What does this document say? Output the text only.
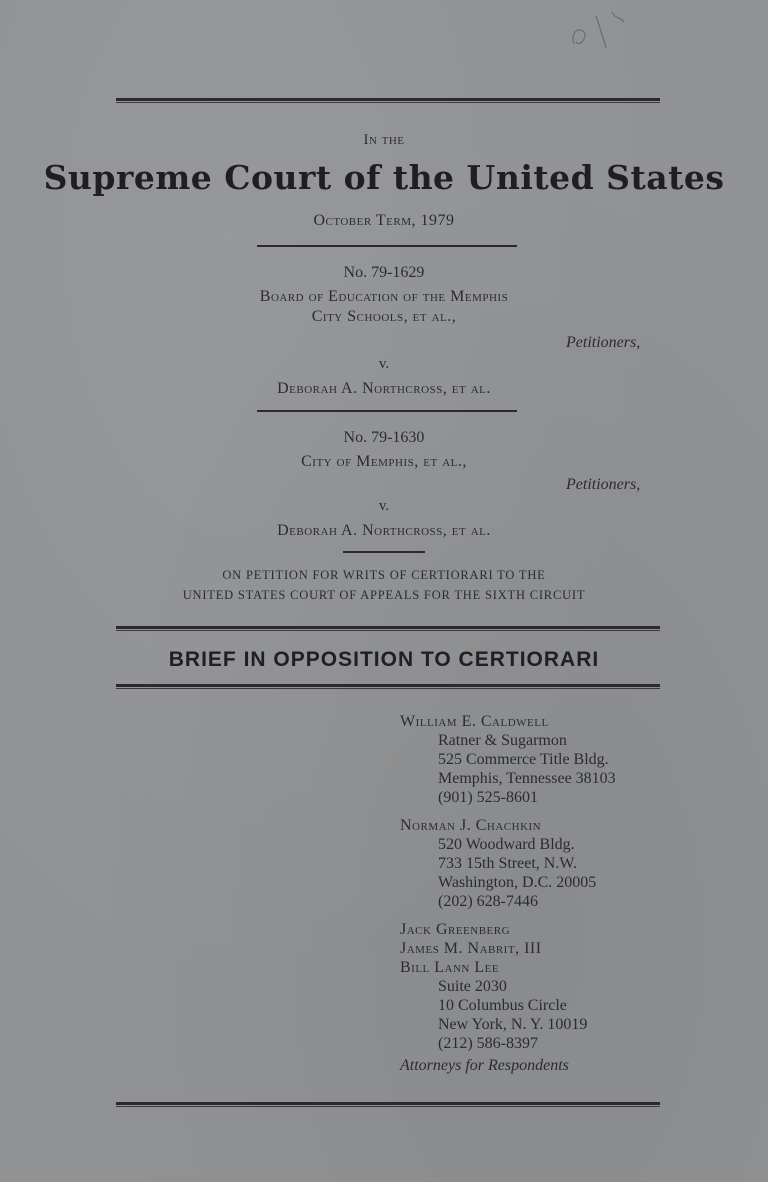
In the
Supreme Court of the United States
October Term, 1979
No. 79-1629
Board of Education of the Memphis
City Schools, et al.,
Petitioners,
v.
Deborah A. Northcross, et al.
No. 79-1630
City of Memphis, et al.,
Petitioners,
v.
Deborah A. Northcross, et al.
ON PETITION FOR WRITS OF CERTIORARI TO THE
UNITED STATES COURT OF APPEALS FOR THE SIXTH CIRCUIT
BRIEF IN OPPOSITION TO CERTIORARI
William E. Caldwell
Ratner & Sugarmon
525 Commerce Title Bldg.
Memphis, Tennessee 38103
(901) 525-8601
Norman J. Chachkin
520 Woodward Bldg.
733 15th Street, N.W.
Washington, D.C. 20005
(202) 628-7446
Jack Greenberg
James M. Nabrit, III
Bill Lann Lee
Suite 2030
10 Columbus Circle
New York, N. Y. 10019
(212) 586-8397
Attorneys for Respondents
